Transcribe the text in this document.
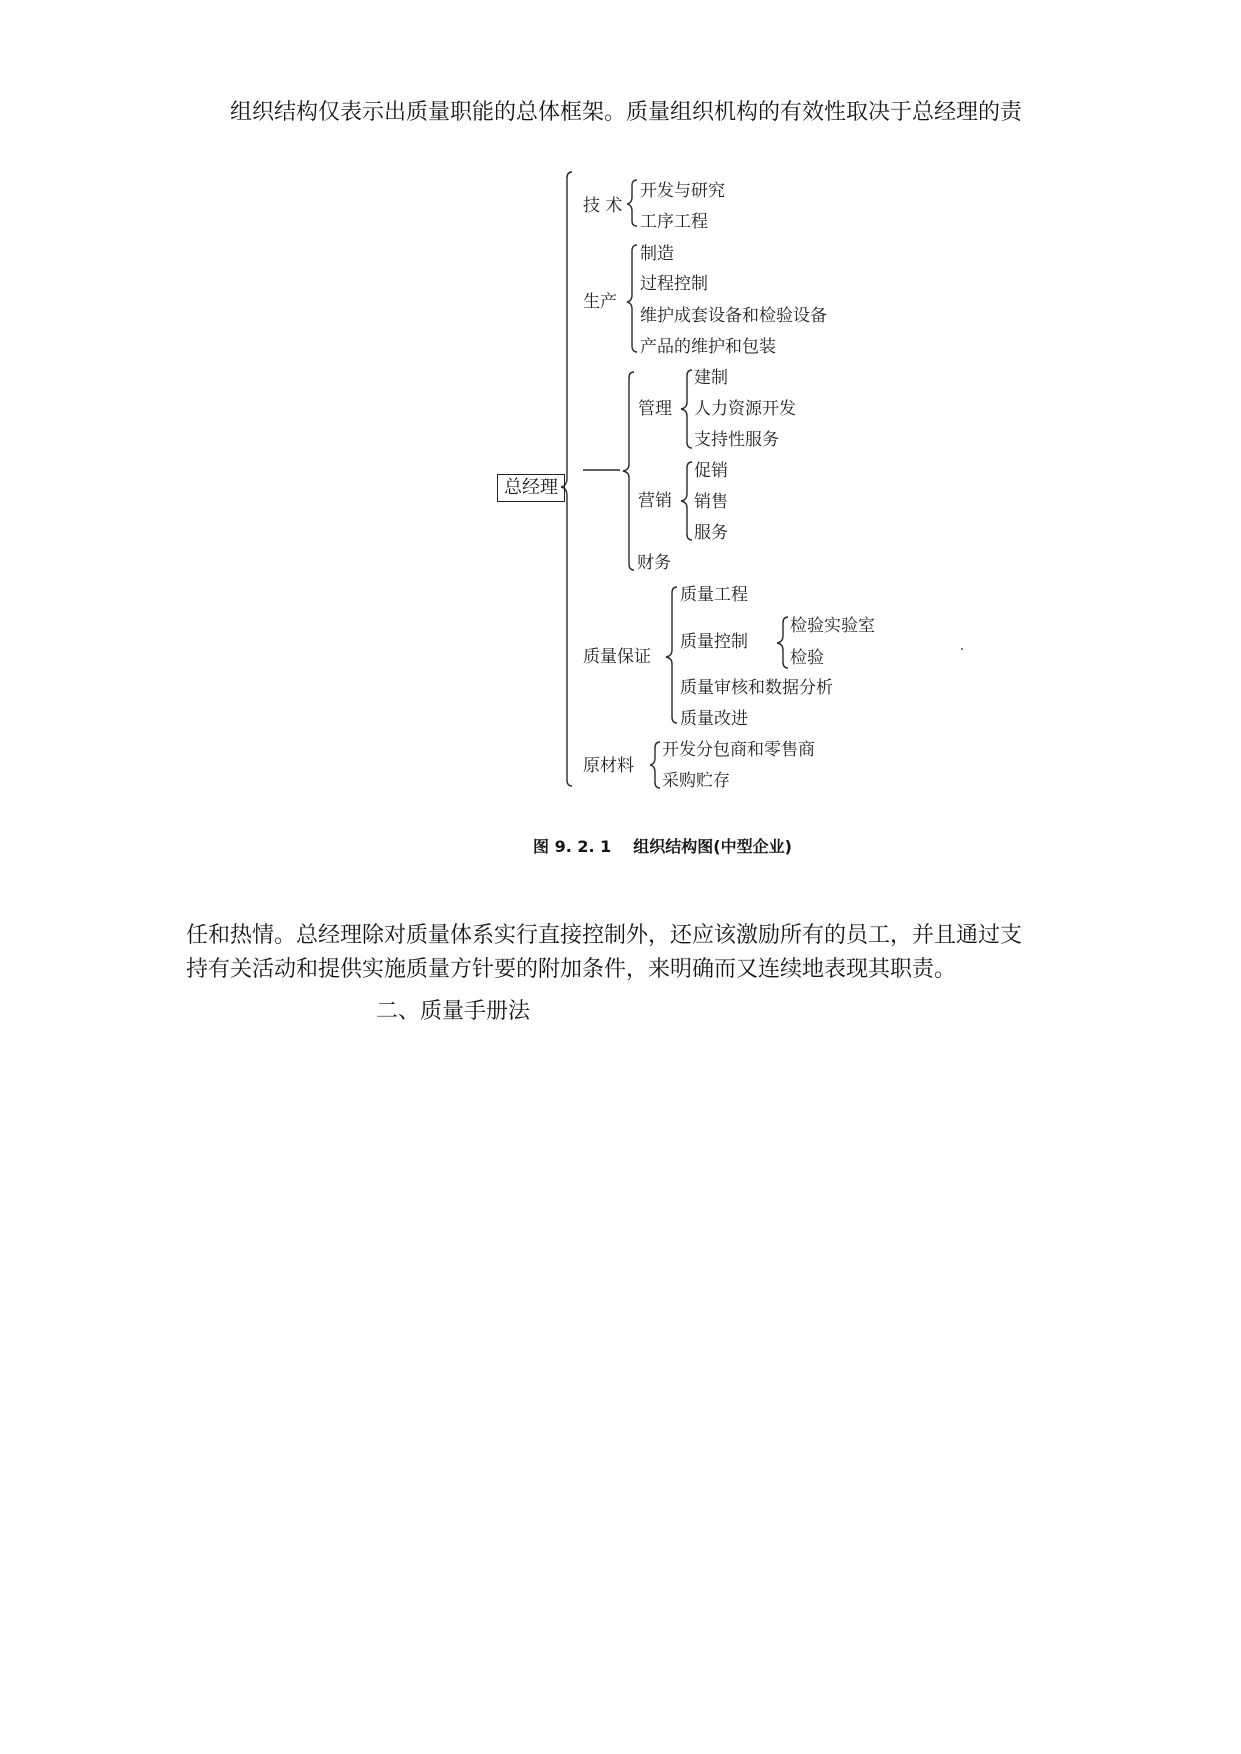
组织结构仅表示出质量职能的总体框架。质量组织机构的有效性取决于总经理的责
总经理
技 术
开发与研究
工序工程
生产
制造
过程控制
维护成套设备和检验设备
产品的维护和包装
管理
建制
人力资源开发
支持性服务
营销
促销
销售
服务
财务
质量保证
质量工程
质量控制
检验实验室
检验
质量审核和数据分析
质量改进
原材料
开发分包商和零售商
采购贮存
图 9. 2. 1 组织结构图(中型企业)
任和热情。总经理除对质量体系实行直接控制外，还应该激励所有的员工，并且通过支
持有关活动和提供实施质量方针要的附加条件，来明确而又连续地表现其职责。
二、质量手册法
